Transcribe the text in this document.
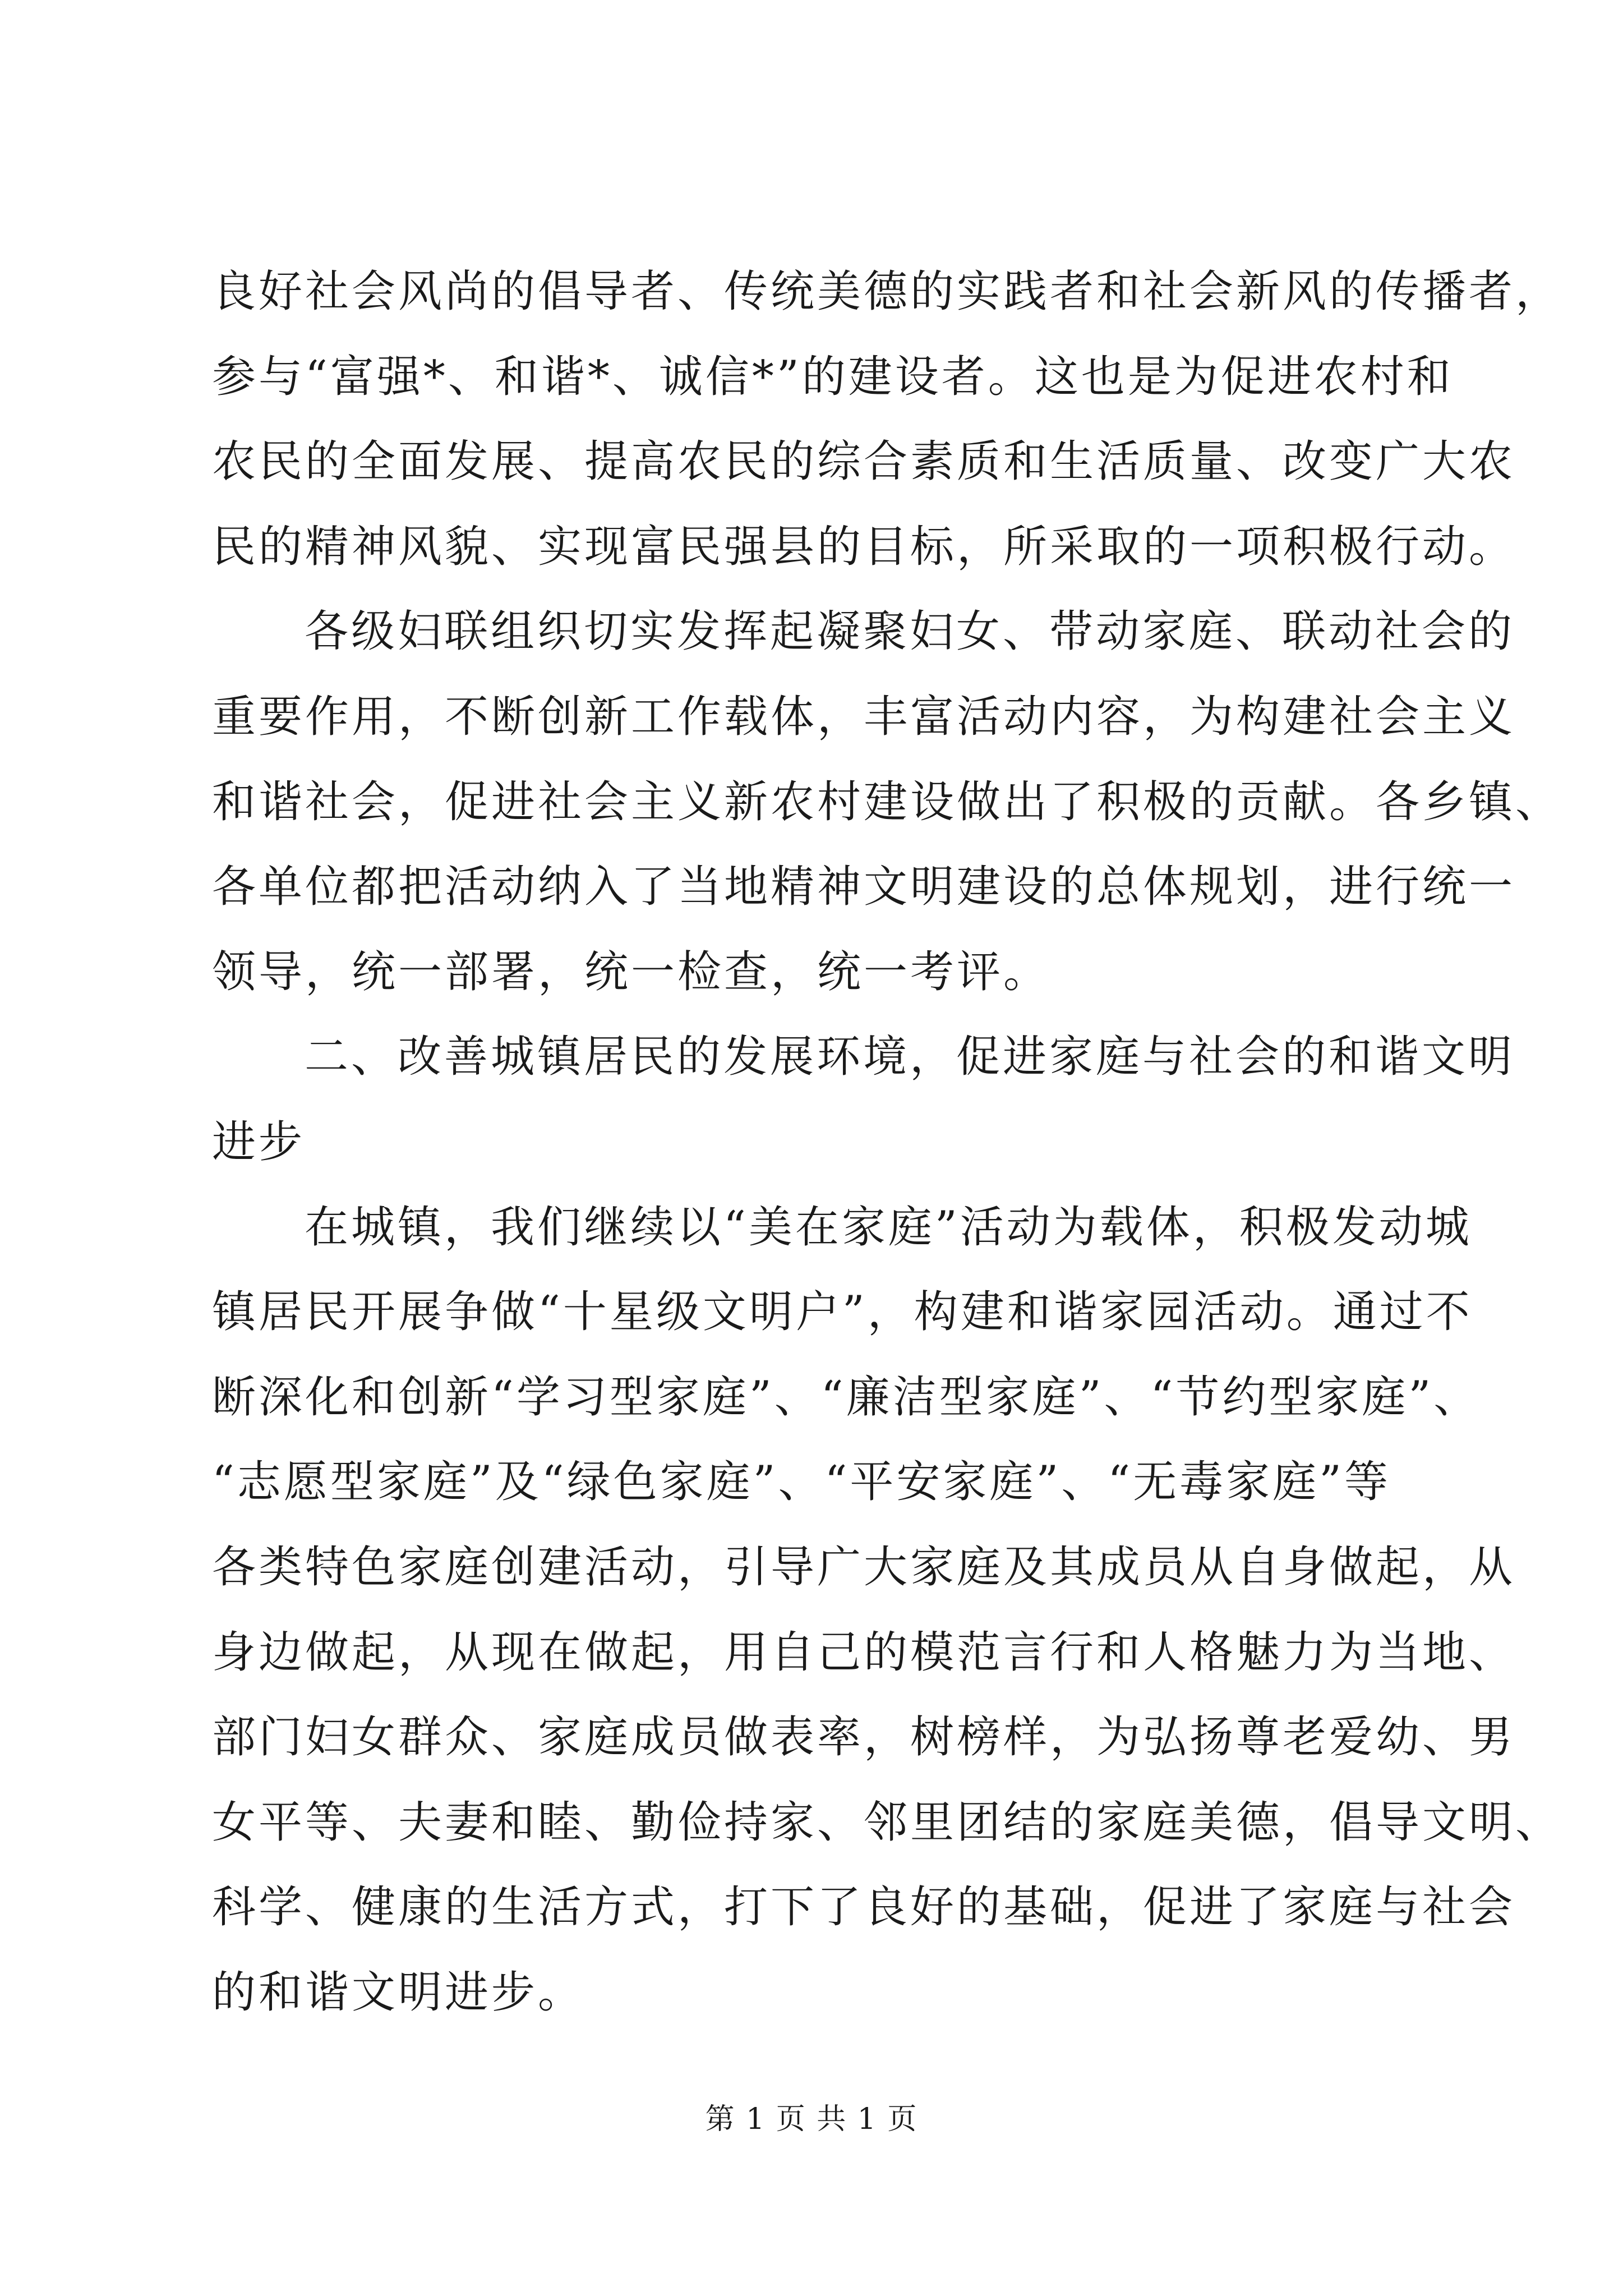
良好社会风尚的倡导者、传统美德的实践者和社会新风的传播者，
参与“富强*、和谐*、诚信*”的建设者。这也是为促进农村和
农民的全面发展、提高农民的综合素质和生活质量、改变广大农
民的精神风貌、实现富民强县的目标，所采取的一项积极行动。
各级妇联组织切实发挥起凝聚妇女、带动家庭、联动社会的
重要作用，不断创新工作载体，丰富活动内容，为构建社会主义
和谐社会，促进社会主义新农村建设做出了积极的贡献。各乡镇、
各单位都把活动纳入了当地精神文明建设的总体规划，进行统一
领导，统一部署，统一检查，统一考评。
二、改善城镇居民的发展环境，促进家庭与社会的和谐文明
进步
在城镇，我们继续以“美在家庭”活动为载体，积极发动城
镇居民开展争做“十星级文明户”，构建和谐家园活动。通过不
断深化和创新“学习型家庭”、“廉洁型家庭”、“节约型家庭”、
“志愿型家庭”及“绿色家庭”、“平安家庭”、“无毒家庭”等
各类特色家庭创建活动，引导广大家庭及其成员从自身做起，从
身边做起，从现在做起，用自己的模范言行和人格魅力为当地、
部门妇女群众、家庭成员做表率，树榜样，为弘扬尊老爱幼、男
女平等、夫妻和睦、勤俭持家、邻里团结的家庭美德，倡导文明、
科学、健康的生活方式，打下了良好的基础，促进了家庭与社会
的和谐文明进步。
第 1 页 共 1 页
